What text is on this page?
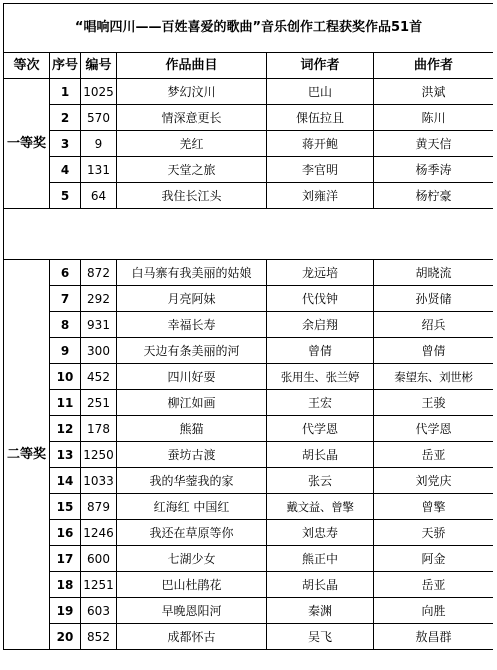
“唱响四川——百姓喜爱的歌曲”音乐创作工程获奖作品51首					
等次	序号	编号	作品曲目	词作者	曲作者
一等奖	1	1025	梦幻汶川	巴山	洪斌
	2	570	情深意更长	倮伍拉且	陈川
	3	9	羌红	蒋开鲍	黄天信
	4	131	天堂之旅	李官明	杨季涛
	5	64	我住长江头	刘雍洋	杨柠豪

二等奖	6	872	白马寨有我美丽的姑娘	龙远培	胡晓流
	7	292	月亮阿妹	代伐钟	孙贤储
	8	931	幸福长寿	余启翔	绍兵
	9	300	天边有条美丽的河	曾倩	曾倩
	10	452	四川好耍	张用生、张兰婷	秦望东、刘世彬
	11	251	柳江如画	王宏	王骏
	12	178	熊猫	代学恩	代学恩
	13	1250	蚕坊古渡	胡长晶	岳亚
	14	1033	我的华蓥我的家	张云	刘党庆
	15	879	红海红 中国红	戴文益、曾擎	曾擎
	16	1246	我还在草原等你	刘忠寿	天骄
	17	600	七湖少女	熊正中	阿金
	18	1251	巴山杜鹃花	胡长晶	岳亚
	19	603	早晚恩阳河	秦渊	向胜
	20	852	成都怀古	吴飞	敖昌群
